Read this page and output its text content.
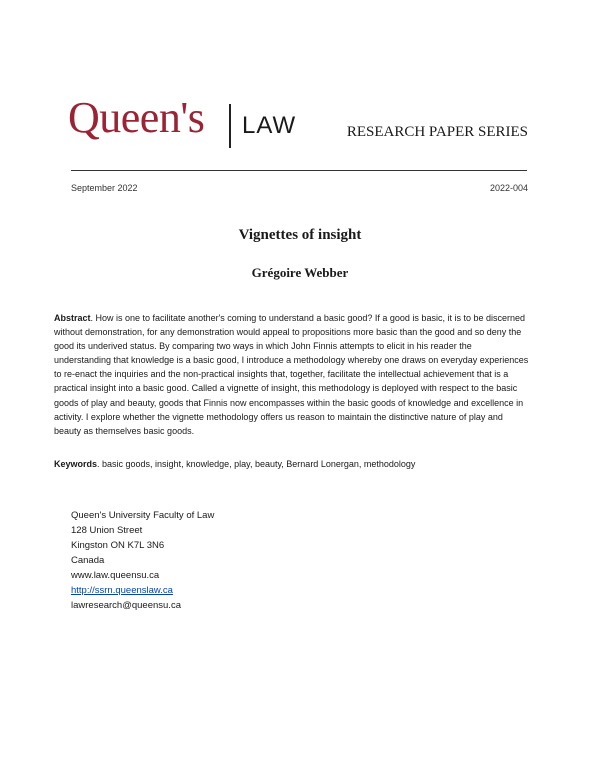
Queen's LAW	RESEARCH PAPER SERIES
September 2022	2022-004
Vignettes of insight
Grégoire Webber

Abstract. How is one to facilitate another's coming to understand a basic good? If a good is basic, it is to be discerned without demonstration, for any demonstration would appeal to propositions more basic than the good and so deny the good its underived status. By comparing two ways in which John Finnis attempts to elicit in his reader the understanding that knowledge is a basic good, I introduce a methodology whereby one draws on everyday experiences to re-enact the inquiries and the non-practical insights that, together, facilitate the intellectual achievement that is a practical insight into a basic good. Called a vignette of insight, this methodology is deployed with respect to the basic goods of play and beauty, goods that Finnis now encompasses within the basic goods of knowledge and excellence in activity. I explore whether the vignette methodology offers us reason to maintain the distinctive nature of play and beauty as themselves basic goods.

Keywords. basic goods, insight, knowledge, play, beauty, Bernard Lonergan, methodology

Queen's University Faculty of Law
128 Union Street
Kingston ON K7L 3N6
Canada
www.law.queensu.ca
http://ssrn.queenslaw.ca
lawresearch@queensu.ca
